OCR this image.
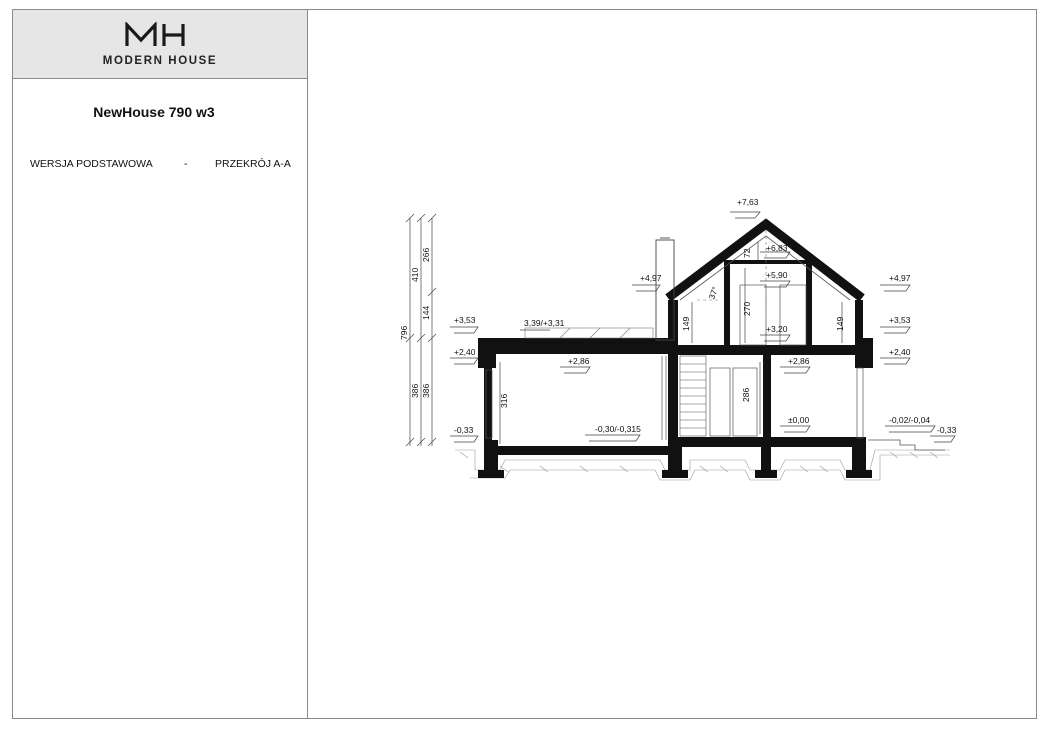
MODERN HOUSE
NewHouse 790 w3
WERSJA PODSTAWOWA	-	PRZEKRÓJ A-A
+7,63
+6,83
+5,90
+4,97	+4,97
+3,53	3,39/+3,31
+3,20
+3,53
+2,40	+2,40
+2,86	+2,86
±0,00
-0,30/-0,315
-0,33
-0,02/-0,04
-0,33
796
410
266
144
386 386
316	286
270
149	149
72
37°
